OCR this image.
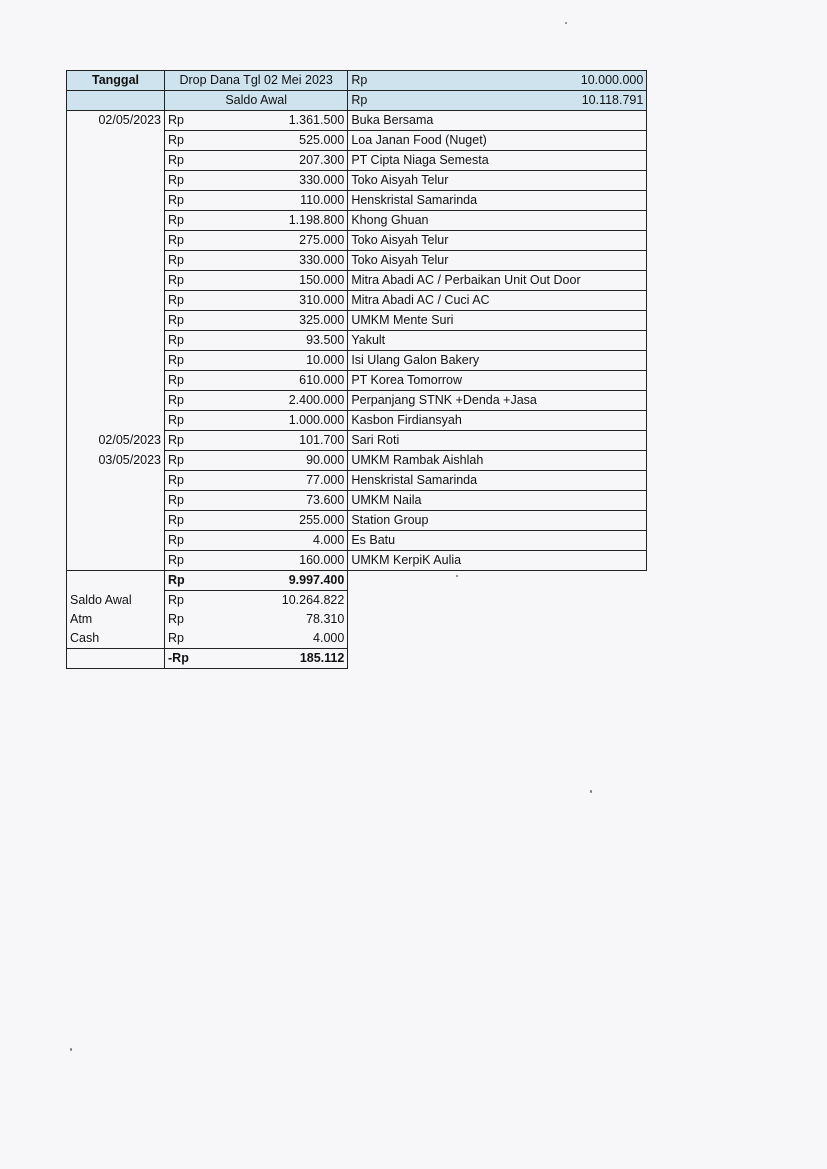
Tanggal	Drop Dana Tgl 02 Mei 2023		Rp	10.000.000
	Saldo Awal		Rp	10.118.791
02/05/2023	Rp	1.361.500	Buka Bersama	
	Rp	525.000	Loa Janan Food (Nuget)	
	Rp	207.300	PT Cipta Niaga Semesta	
	Rp	330.000	Toko Aisyah Telur	
	Rp	110.000	Henskristal Samarinda	
	Rp	1.198.800	Khong Ghuan	
	Rp	275.000	Toko Aisyah Telur	
	Rp	330.000	Toko Aisyah Telur	
	Rp	150.000	Mitra Abadi AC / Perbaikan Unit Out Door	
	Rp	310.000	Mitra Abadi AC / Cuci AC	
	Rp	325.000	UMKM Mente Suri	
	Rp	93.500	Yakult	
	Rp	10.000	Isi Ulang Galon Bakery	
	Rp	610.000	PT Korea Tomorrow	
	Rp	2.400.000	Perpanjang STNK +Denda +Jasa	
	Rp	1.000.000	Kasbon Firdiansyah	
02/05/2023	Rp	101.700	Sari Roti	
03/05/2023	Rp	90.000	UMKM Rambak Aishlah	
	Rp	77.000	Henskristal Samarinda	
	Rp	73.600	UMKM Naila	
	Rp	255.000	Station Group	
	Rp	4.000	Es Batu	
	Rp	160.000	UMKM KerpiK Aulia	
	Rp	9.997.400		
Saldo Awal	Rp	10.264.822		
Atm	Rp	78.310		
Cash	Rp	4.000		
	-Rp	185.112		
